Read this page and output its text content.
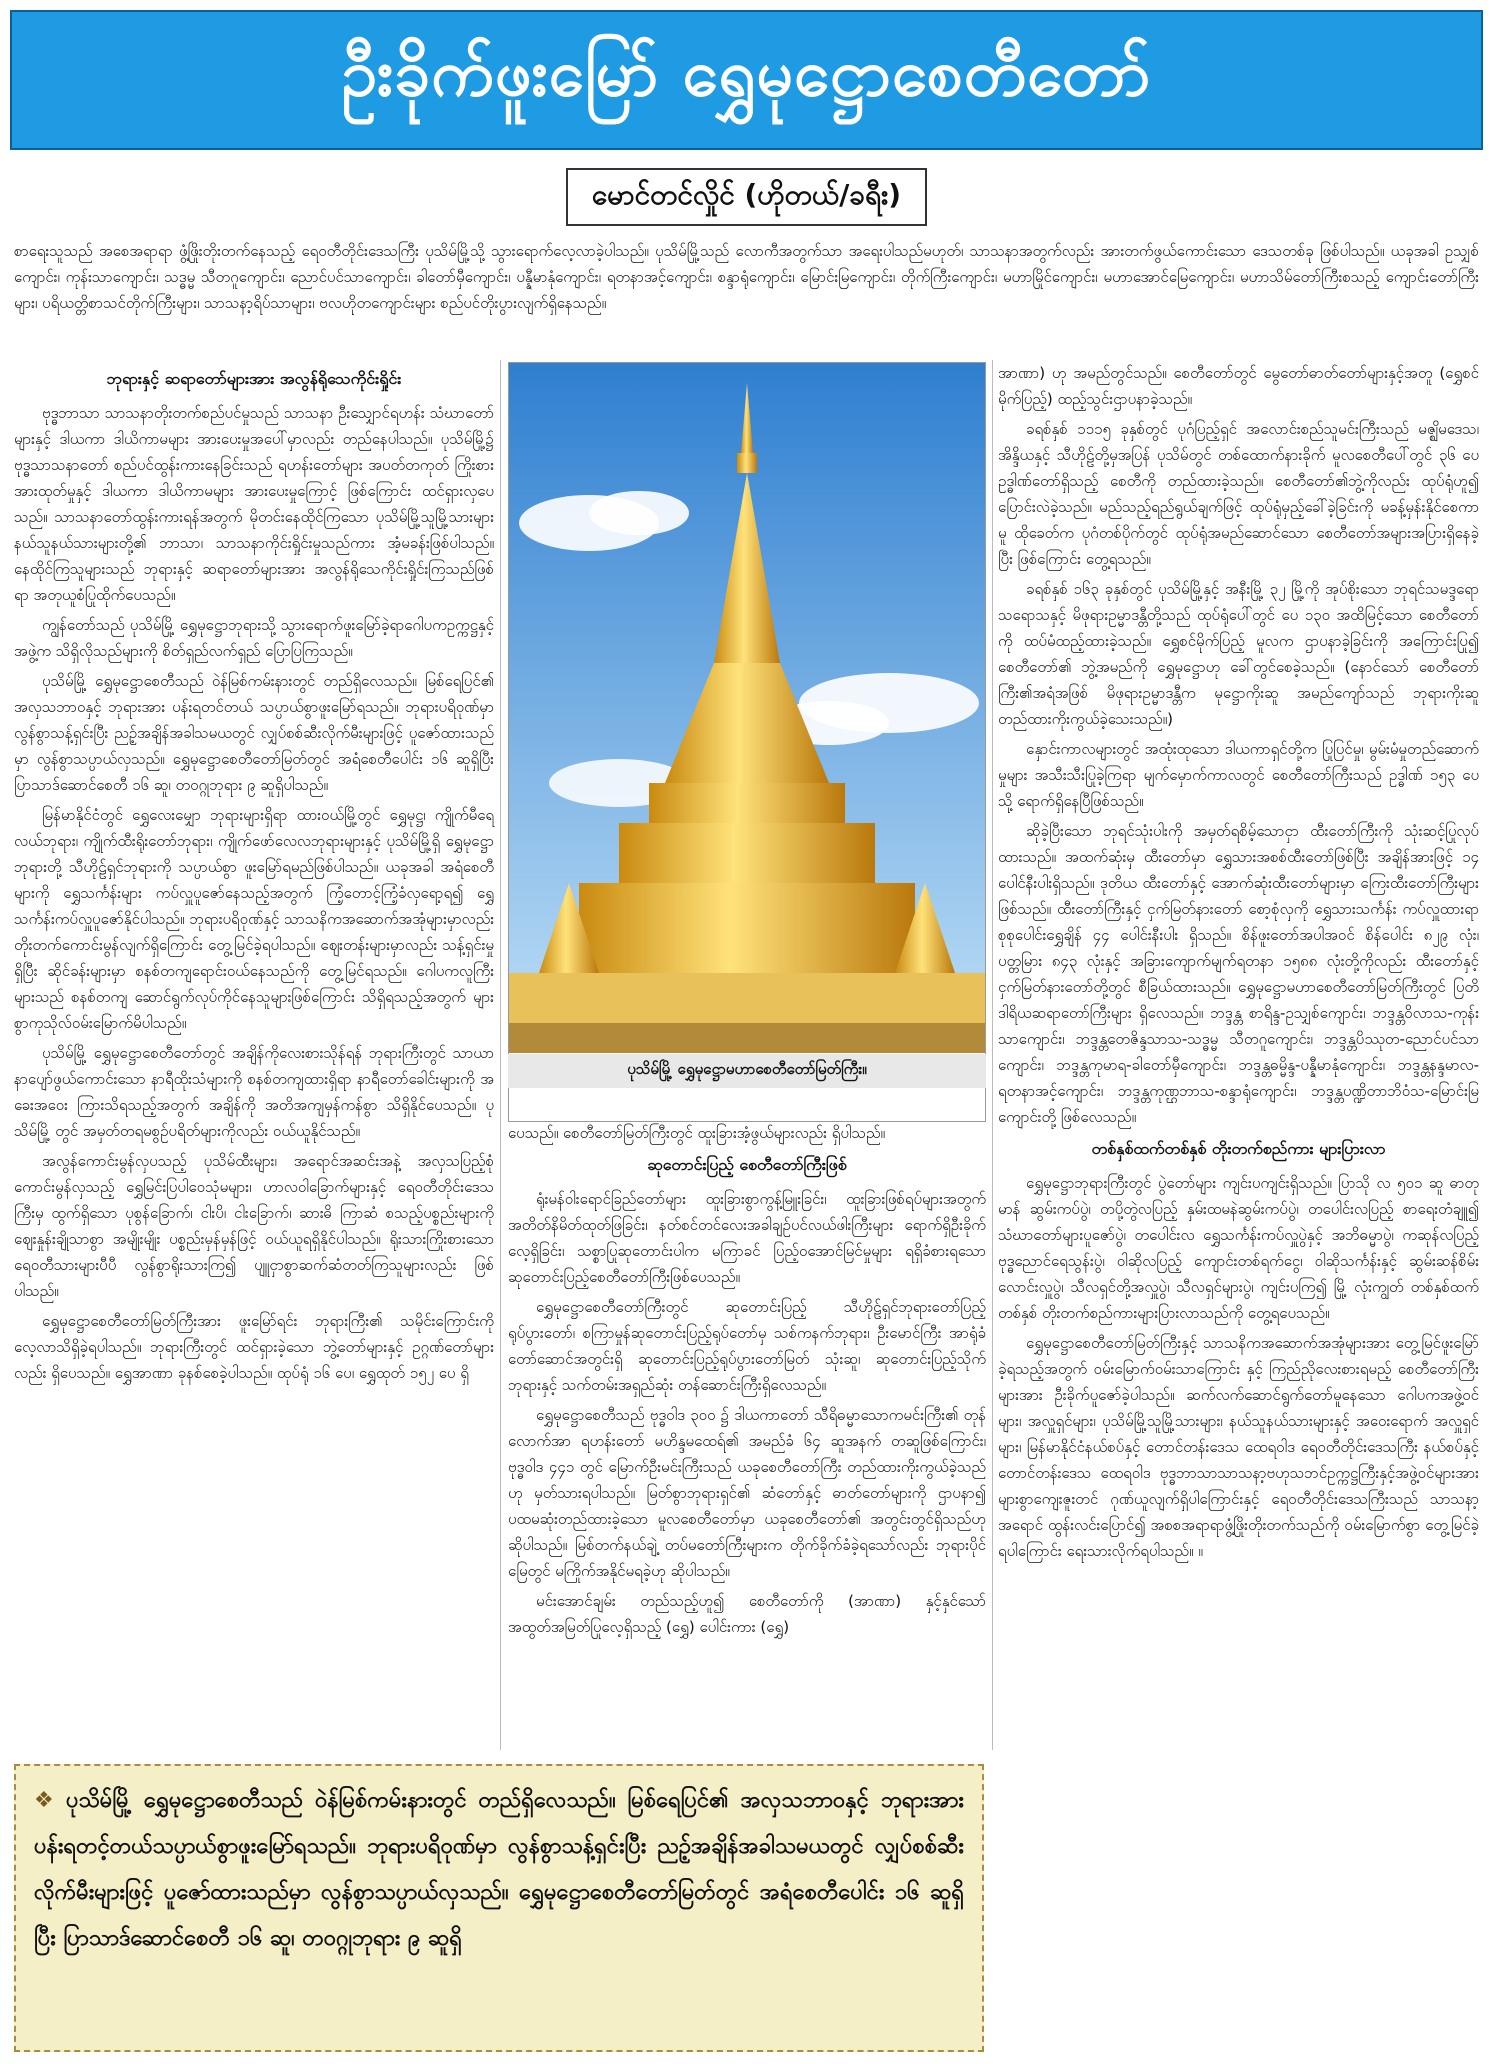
ဦးခိုက်ဖူးမြော် ရွှေမုဋ္ဌောစေတီတော်
မောင်တင်လှိုင် (ဟိုတယ်/ခရီး)

စာရေးသူသည် အစေအရာရာ ဖွံ့ဖြိုးတိုးတက်နေသည့် ရေဝတီတိုင်းဒေသကြီး ပုသိမ်မြို့သို့ သွားရောက်လေ့လာခဲ့ပါသည်။ ပုသိမ်မြို့သည် လောကီအတွက်သာ အရေးပါသည်မဟုတ်၊ သာသနာအတွက်လည်း အားတက်ဖွယ်ကောင်းသော ဒေသတစ်ခု ဖြစ်ပါသည်။ ယခုအခါ ဥသျှစ်ကျောင်း၊ ကုန်းသာကျောင်း၊ သဒ္ဓမ္မ သီတဂူကျောင်း၊ ညောင်ပင်သာကျောင်း၊ ခါတော်မှီကျောင်း၊ ပန္နီမာနုံကျောင်း၊ ရတနာအင့်ကျောင်း၊ စန္ဒာရုံကျောင်း၊ မြောင်းမြကျောင်း၊ တိုက်ကြီးကျောင်း၊ မဟာမြိုင်ကျောင်း၊ မဟာအောင်မြေကျောင်း၊ မဟာသိမ်တော်ကြီးစသည့် ကျောင်းတော်ကြီးများ၊ ပရိယတ္တိစာသင်တိုက်ကြီးများ၊ သာသနာ့ရိပ်သာများ၊ ဗလဟိုတကျောင်းများ စည်ပင်တိုးပွားလျက်ရှိနေသည်။

ဘုရားနှင့် ဆရာတော်များအား အလွန်ရိုသေကိုင်းရှိုင်း

ဗုဒ္ဓဘာသာ သာသနာတိုးတက်စည်ပင်မှုသည် သာသနာ ဦးသျှောင်ရဟန်း သံဃာတော်များနှင့် ဒါယကာ ဒါယိကာမများ အားပေးမှုအပေါ်မှာလည်း တည်နေပါသည်။ ပုသိမ်မြို့၌ ဗုဒ္ဓသာသနာတော် စည်ပင်ထွန်းကားနေခြင်းသည် ရဟန်းတော်များ အပတ်တကုတ် ကြိုးစားအားထုတ်မှုနှင့် ဒါယကာ ဒါယိကာမများ အားပေးမှုကြောင့် ဖြစ်ကြောင်း ထင်ရှားလှပေသည်။ သာသနာတော်ထွန်းကားရန်အတွက် မိုတင်းနေထိုင်ကြသော ပုသိမ်မြို့သူမြို့သားများ နယ်သူနယ်သားများတို့၏ ဘာသာ၊ သာသနာကိုင်းရှိုင်းမှုသည်ကား အံ့မခန်းဖြစ်ပါသည်။ နေထိုင်ကြသူများသည် ဘုရားနှင့် ဆရာတော်များအား အလွန်ရိုသေကိုင်းရှိုင်းကြသည်ဖြစ်ရာ အတုယူစံပြုထိုက်ပေသည်။

ကျွန်တော်သည် ပုသိမ်မြို့ ရွှေမုဋ္ဌောဘုရားသို့ သွားရောက်ဖူးမြော်ခဲ့ရာဂေါပကဥက္ကဋ္ဌနှင့်အဖွဲ့က သိရှိလိုသည်များကို စိတ်ရှည်လက်ရှည် ပြောပြကြသည်။

ပုသိမ်မြို့ ရွှေမုဋ္ဌောစေတီသည် ဝဲန်မြစ်ကမ်းနားတွင် တည်ရှိလေသည်။ မြစ်ရေပြင်၏ အလှသဘာဝနှင့် ဘုရားအား ပန်းရတင်တယ် သပ္ပာယ်စွာဖူးမြော်ရသည်။ ဘုရားပရိဝုဏ်မှာ လွန်စွာသန့်ရှင်းပြီး ညဉ့်အချိန်အခါသမယတွင် လျှပ်စစ်ဆီးလိုက်မီးများဖြင့် ပူဇော်ထားသည်မှာ လွန်စွာသပ္ပာယ်လှသည်။ ရွှေမုဋ္ဌောစေတီတော်မြတ်တွင် အရံစေတီပေါင်း ၁၆ ဆူရှိပြီး ပြာသာဒ်ဆောင်စေတီ ၁၆ ဆူ၊ တဝဂ္ဂုဘုရား ၉ ဆူရှိပါသည်။

မြန်မာနိုင်ငံတွင် ရွှေလေးမျှော ဘုရားများရှိရာ ထားဝယ်မြို့တွင် ရွှေမုဋ္ဌ၊ ကျိုက်မီရေလယ်ဘုရား၊ ကျိုက်ထီးရိုးတော်ဘုရား၊ ကျိုက်ဖော်လေလဘုရားများနှင့် ပုသိမ်မြို့ရှိ ရွှေမုဋ္ဌောဘုရားတို့ သီဟိုဠ်ရှင်ဘုရားကို သပ္ပာယ်စွာ ဖူးမြော်ရမည်ဖြစ်ပါသည်။ ယခုအခါ အရံစေတီများကို ရွှေသင်္ကန်းများ ကပ်လှူပူဇော်နေသည့်အတွက် ကြံ့တောင့်ကြံ့ခံလှရော့ရ၍ ရွှေသင်္ကန်းကပ်လှူပူဇော်နိုင်ပါသည်။ ဘုရားပရိဝုဏ်နှင့် သာသနိကအဆောက်အအုံများမှာလည်း တိုးတက်ကောင်းမွန်လျက်ရှိကြောင်း တွေ့မြင်ခဲ့ရပါသည်။ ဈေးတန်းများမှာလည်း သန့်ရှင်းမှုရှိပြီး ဆိုင်ခန်းများမှာ စနစ်တကျရောင်းဝယ်နေသည်ကို တွေ့မြင်ရသည်။ ဂေါပကလူကြီးများသည် စနစ်တကျ ဆောင်ရွက်လုပ်ကိုင်နေသူများဖြစ်ကြောင်း သိရှိရသည့်အတွက် များစွာကုသိုလ်ဝမ်းမြောက်မိပါသည်။

ပုသိမ်မြို့ ရွှေမုဋ္ဌောစေတီတော်တွင် အချိန်ကိုလေးစားသိုန်ရန် ဘုရားကြီးတွင် သာယာနာပျော်ဖွယ်ကောင်းသော နာရီထိုးသံများကို စနစ်တကျထားရှိရာ နာရီတော်ခေါင်းများကို အခေးအဝေး ကြားသိရသည့်အတွက် အချိန်ကို အတိအကျမှန်ကန်စွာ သိရှိနိုင်ပေသည်။ ပုသိမ်မြို့ တွင် အမှတ်တရမစွဉ်ပရိတ်များကိုလည်း ဝယ်ယူနိုင်သည်။

အလွန်ကောင်းမွန်လှပသည့် ပုသိမ်ထီးများ၊ အရောင်အဆင်းအနဲ့ အလှသပြည့်စုံကောင်းမွန်လှသည့် ရွှေမြင်းပြပါဝေသုံမများ၊ ဟာလဝါခြောက်များနှင့် ရေဝတီတိုင်းဒေသကြီးမှ ထွက်ရှိသော ပုစွန်ခြောက်၊ ငါးပိ၊ ငါးခြောက်၊ ဆားဓိ ကြာဆံ စသည့်ပစ္စည်းများကို ဈေးနှုန်းချိုသာစွာ အမျိုးမျိုး ပစ္စည်းမှန်မှန်ဖြင့် ဝယ်ယူရရှိနိုင်ပါသည်။ ရိုးသားကြိုးစားသော ရေဝတီသားများပီပီ လွန်စွာရိုးသားကြ၍ ပျူငှာစွာဆက်ဆံတတ်ကြသူများလည်း ဖြစ်ပါသည်။

ရွှေမုဋ္ဌောစေတီတော်မြတ်ကြီးအား ဖူးမြော်ရင်း ဘုရားကြီး၏ သမိုင်းကြောင်းကို လေ့လာသိရှိခဲ့ရပါသည်။ ဘုရားကြီးတွင် ထင်ရှားခဲ့သော ဘွဲ့တော်များနှင့် ဥဂ္ဂဏ်တော်များလည်း ရှိပေသည်။ ရွှေအာဏာ ခုနစ်စေခဲ့ပါသည်။ ထုပ်ရုံ ၁၆ ပေ၊ ရွှေထုတ် ၁၅၂ ပေ ရှိ

ပုသိမ်မြို့ ရွှေမုဋ္ဌောမဟာစေတီတော်မြတ်ကြီး။

ပေသည်။ စေတီတော်မြတ်ကြီးတွင် ထူးခြားအံ့ဖွယ်များလည်း ရှိပါသည်။

ဆုတောင်းပြည့် စေတီတော်ကြီးဖြစ်

ရုံးမန်ဝါးရောင်ခြည်တော်များ ထူးခြားစွာကွန့်မြူးခြင်း၊ ထူးခြားဖြစ်ရပ်များအတွက် အတိတ်နိမိတ်ထုတ်ဖြခြင်း၊ နတ်စင်တင်လေးအခါချဉ်ပင်လယ်ဖါးကြီးများ ရောက်ရှိဦးခိုက်လေ့ရှိခြင်း၊ သစ္စာပြုဆုတောင်းပါက မကြာခင် ပြည့်ဝအောင်မြင်မှုများ ရရှိခံစားရသော ဆုတောင်းပြည့်စေတီတော်ကြီးဖြစ်ပေသည်။

ရွှေမုဋ္ဌောစေတီတော်ကြီးတွင် ဆုတောင်းပြည့် သီဟိုဠ်ရှင်ဘုရားတော်ပြည့် ရုပ်ပွားတော်၊ စကြာမှုန်ဆုတောင်းပြည့်ရုပ်တော်မှ သစ်ကနက်ဘုရား၊ ဦးမောင်ကြီး အာရုံခံတော်ဆောင်အတွင်းရှိ ဆုတောင်းပြည့်ရုပ်ပွားတော်မြတ် သုံးဆူ၊ ဆုတောင်းပြည့်သိုက်ဘုရားနှင့် သက်တမ်းအရှည်ဆုံး တန်ဆောင်းကြီးရှိလေသည်။

ရွှေမုဋ္ဌောစေတီသည် ဗုဒ္ဓဝါဒ ၃၀၀ ၌ ဒါယကာတော် သီရိဓမ္မာသောကမင်းကြီး၏ တုန်လောက်အာ ရဟန်းတော် မဟိန္ဒမထေရ်၏ အမည်ခံ ၆၄ ဆူအနက် တဆူဖြစ်ကြောင်း၊ ဗုဒ္ဓဝါဒ ၄၄၁ တွင် မြောက်ဦးမင်းကြီးသည် ယခုစေတီတော်ကြီး တည်ထားကိုးကွယ်ခဲ့သည်ဟု မှတ်သားရပါသည်။ မြတ်စွာဘုရားရှင်၏ ဆံတော်နှင့် ဓာတ်တော်များကို ဌာပနာ၍ ပထမဆုံးတည်ထားခဲ့သော မူလစေတီတော်မှာ ယခုစေတီတော်၏ အတွင်းတွင်ရှိသည်ဟုဆိုပါသည်။ မြစ်တက်နယ်ချဲ့ တပ်မတော်ကြီးများက တိုက်ခိုက်ခံခဲ့ရသော်လည်း ဘုရားပိုင်မြေတွင် မကြိုက်အနိုင်မရခဲ့ဟု ဆိုပါသည်။

မင်းအောင်ချမ်း တည်သည့်ဟူ၍ စေတီတော်ကို (အာဏာ) နှင့်နှင်သော် အထွတ်အမြတ်ပြုလေ့ရှိသည့် (ရွှေ) ပေါင်းကား (ရွှေ)

အာဏာ) ဟု အမည်တွင်သည်။ စေတီတော်တွင် မွေတော်ဓာတ်တော်များနှင့်အတူ (ရွှေစင် မိုက်ပြည့်) ထည့်သွင်းဌာပနာခဲ့သည်။

ခရစ်နှစ် ၁၁၁၅ ခုနှစ်တွင် ပုဂံပြည့်ရှင် အလောင်းစည်သူမင်းကြီးသည် မဇ္ဈိမဒေသ၊ အိန္ဒိယနှင့် သီဟိုဠ်တို့မှအပြန် ပုသိမ်တွင် တစ်ထောက်နားခိုက် မူလစေတီပေါ်တွင် ၃၆ ပေ ဥဒ္ဓါဏ်တော်ရှိသည့် စေတီကို တည်ထားခဲ့သည်။ စေတီတော်၏ဘွဲ့ကိုလည်း ထုပ်ရုံဟူ၍ ပြောင်းလဲခဲ့သည်။ မည်သည့်ရည်ရွယ်ချက်ဖြင့် ထုပ်ရုံမှည့်ခေါ်ခဲ့ခြင်းကို မခန့်မှန်းနိုင်စေကာမူ ထိုခေတ်က ပုဂံတစ်ပိုက်တွင် ထုပ်ရုံအမည်ဆောင်သော စေတီတော်အများအပြားရှိနေခဲ့ပြီး ဖြစ်ကြောင်း တွေ့ရသည်။

ခရစ်နှစ် ၁၆၃ ခုနှစ်တွင် ပုသိမ်မြို့နှင့် အနီးမြို့ ၃၂ မြို့ကို အုပ်စိုးသော ဘုရင်သမဒ္ဒရောသရောသနှင့် မိဖုရားဥမ္မာဒန္တီတို့သည် ထုပ်ရုံပေါ်တွင် ပေ ၁၃၀ အထိမြင့်သော စေတီတော်ကို ထပ်မံထည့်ထားခဲ့သည်။ ရွှေစင်မိုက်ပြည့် မူလက ဌာပနာခဲ့ခြင်းကို အကြောင်းပြု၍ စေတီတော်၏ ဘွဲ့အမည်ကို ရွှေမုဋ္ဌောဟု ခေါ်တွင်စေခဲ့သည်။ (နောင်သော် စေတီတော်ကြီး၏အရံအဖြစ် မိဖုရားဥမ္မာဒန္တီက မုဋ္ဌောကိုးဆူ အမည်ကျော်သည် ဘုရားကိုးဆူ တည်ထားကိုးကွယ်ခဲ့သေးသည်။)

နှောင်းကာလများတွင် အထုံးထုသော ဒါယကာရှင်တို့က ပြုပြင်မှု၊ မွမ်းမံမှုတည်ဆောက်မှုများ အသီးသီးပြုခဲ့ကြရာ မျက်မှောက်ကာလတွင် စေတီတော်ကြီးသည် ဥဒ္ဓါဏ် ၁၅၃ ပေသို့ ရောက်ရှိနေပြီဖြစ်သည်။

ဆိုခဲ့ပြီးသော ဘုရင်သုံးပါးကို အမှတ်ရစိမ့်သောငှာ ထီးတော်ကြီးကို သုံးဆင့်ပြုလုပ်ထားသည်။ အထက်ဆုံးမှ ထီးတော်မှာ ရွှေသားအစစ်ထီးတော်ဖြစ်ပြီး အချိန်အားဖြင့် ၁၄ ပေါင်နီးပါးရှိသည်။ ဒုတိယ ထီးတော်နှင့် အောက်ဆုံးထီးတော်များမှာ ကြေးထီးတော်ကြီးများဖြစ်သည်။ ထီးတော်ကြီးနှင့် ငှက်မြတ်နားတော် စော့စုံလှကို ရွှေသားသင်္ကန်း ကပ်လှူထားရာ စုစုပေါင်းရွှေချိန် ၄၄ ပေါင်းနီးပါး ရှိသည်။ စိန်ဖူးတော်အပါအဝင် စိန်ပေါင်း ၈၂၉ လုံး၊ ပတ္တမြား ၈၄၃ လုံးနှင့် အခြားကျောက်မျက်ရတနာ ၁၅၈၈ လုံးတို့ကိုလည်း ထီးတော်နှင့် ငှက်မြတ်နားတော်တို့တွင် စီခြယ်ထားသည်။ ရွှေမုဋ္ဌောမဟာစေတီတော်မြတ်ကြီးတွင် ပြတိဒါရိယဆရာတော်ကြီးများ ရှိလေသည်။ ဘဒ္ဒန္တ စာရိန္ဒ-ဥသျှစ်ကျောင်း၊ ဘဒ္ဒန္တဝိလာသ-ကုန်းသာကျောင်း၊ ဘဒ္ဒန္တတေဇိန္ဒသာသ-သဒ္ဓမ္မ သီတဂူကျောင်း၊ ဘဒ္ဒန္တပိဿုတ-ညောင်ပင်သာကျောင်း၊ ဘဒ္ဒန္တကုမာရ-ခါတော်မှီကျောင်း၊ ဘဒ္ဒန္တဓမ္မိန္ဒ-ပန္နီမာနုံကျောင်း၊ ဘဒ္ဒန္တနန္ဒမာလ-ရတနာအင့်ကျောင်း၊ ဘဒ္ဒန္တကုဏ္ဌဘာသ-စန္ဒာရုံကျောင်း၊ ဘဒ္ဒန္တပဏ္ဍိတာဘိဝံသ-မြောင်းမြကျောင်းတို့ ဖြစ်လေသည်။

တစ်နှစ်ထက်တစ်နှစ် တိုးတက်စည်ကား များပြားလာ

ရွှေမုဋ္ဌောဘုရားကြီးတွင် ပွဲတော်များ ကျင်းပကျင်းရှိသည်။ ပြာသို လ ၅၀၁ ဆူ ဓာတုမာန် ဆွမ်းကပ်ပွဲ၊ တပို့တွဲလပြည့် နှမ်းထမနဲဆွမ်းကပ်ပွဲ၊ တပေါင်းလပြည့် စာရေးတံချူ၍ သံဃာတော်များပူဇော်ပွဲ၊ တပေါင်းလ ရွှေသင်္ကန်းကပ်လှူပွဲနှင့် အဘိဓမ္မာပွဲ၊ ကဆုန်လပြည့် ဗုဒ္ဓညောင်ရေသွန်းပွဲ၊ ဝါဆိုလပြည့် ကျောင်းတစ်ရက်ငွေ၊ ဝါဆိုသင်္ကန်းနှင့် ဆွမ်းဆန်စိမ်းလောင်းလှူပွဲ၊ သီလရှင်တို့အလှူပွဲ၊ သီလရှင်များပွဲ၊ ကျင်းပကြ၍ မြို့ လုံးကျွတ် တစ်နှစ်ထက်တစ်နှစ် တိုးတက်စည်ကားများပြားလာသည်ကို တွေ့ရပေသည်။

ရွှေမုဋ္ဌောစေတီတော်မြတ်ကြီးနှင့် သာသနိကအဆောက်အအုံများအား တွေ့မြင်ဖူးမြော်ခဲ့ရသည့်အတွက် ဝမ်းမြောက်ဝမ်းသာကြောင်း နှင့် ကြည်ညိုလေးစားရမည့် စေတီတော်ကြီးများအား ဦးခိုက်ပူဇော်ခဲ့ပါသည်။ ဆက်လက်ဆောင်ရွက်တော်မူနေသော ဂေါပကအဖွဲ့ဝင်များ၊ အလှူရှင်များ၊ ပုသိမ်မြို့သူမြို့သားများ၊ နယ်သူနယ်သားများနှင့် အဝေးရောက် အလှူရှင်များ၊ မြန်မာနိုင်ငံနယ်စပ်နှင့် တောင်တန်းဒေသ ထေရဝါဒ ရေဝတီတိုင်းဒေသကြီး နယ်စပ်နှင့် တောင်တန်းဒေသ ထေရဝါဒ ဗုဒ္ဓဘာသာသာသနာ့ဗဟုသဘင်ဥက္ကဋ္ဌကြီးနှင့်အဖွဲ့ဝင်များအား များစွာကျေးဇူးတင် ဂုဏ်ယူလျက်ရှိပါကြောင်းနှင့် ရေဝတီတိုင်းဒေသကြီးသည် သာသနာ့အရောင် ထွန်းလင်းပြောင်၍ အစစအရာရာဖွံ့ဖြိုးတိုးတက်သည်ကို ဝမ်းမြောက်စွာ တွေ့မြင်ခဲ့ရပါကြောင်း ရေးသားလိုက်ရပါသည်။ ။

❖ ပုသိမ်မြို့ ရွှေမုဋ္ဌောစေတီသည် ဝဲန်မြစ်ကမ်းနားတွင် တည်ရှိလေသည်။ မြစ်ရေပြင်၏ အလှသဘာဝနှင့် ဘုရားအား ပန်းရတင့်တယ်သပ္ပာယ်စွာဖူးမြော်ရသည်။ ဘုရားပရိဝုဏ်မှာ လွန်စွာသန့်ရှင်းပြီး ညဉ့်အချိန်အခါသမယတွင် လျှပ်စစ်ဆီးလိုက်မီးများဖြင့် ပူဇော်ထားသည်မှာ လွန်စွာသပ္ပာယ်လှသည်။ ရွှေမုဋ္ဌောစေတီတော်မြတ်တွင် အရံစေတီပေါင်း ၁၆ ဆူရှိပြီး ပြာသာဒ်ဆောင်စေတီ ၁၆ ဆူ၊ တဝဂ္ဂုဘုရား ၉ ဆူရှိ
